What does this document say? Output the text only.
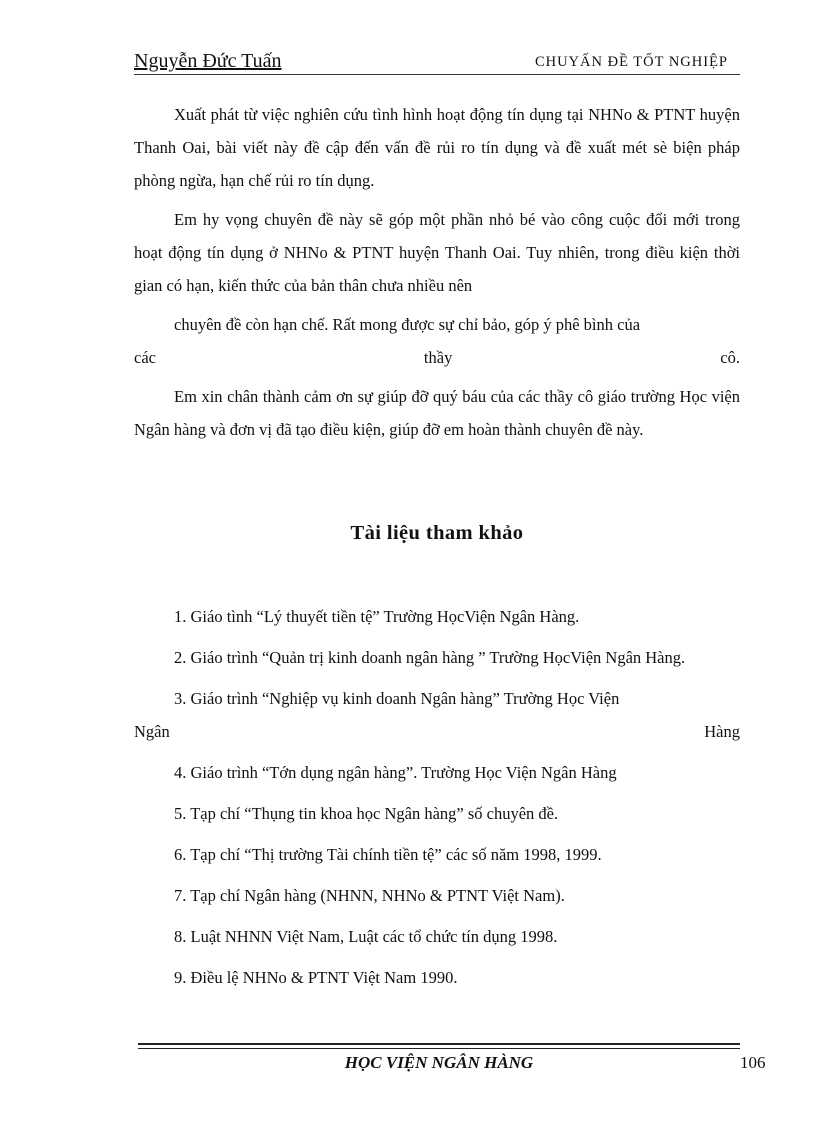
Nguyễn Đức Tuấn	CHUYẤN ĐỀ TỐT NGHIỆP

Xuất phát từ việc nghiên cứu tình hình hoạt động tín dụng tại NHNo & PTNT huyện Thanh Oai, bài viết này đề cập đến vấn đề rủi ro tín dụng và đề xuất mét sè biện pháp phòng ngừa, hạn chế rủi ro tín dụng.

Em hy vọng chuyên đề này sẽ góp một phần nhỏ bé vào công cuộc đổi mới trong hoạt động tín dụng ở NHNo & PTNT huyện Thanh Oai. Tuy nhiên, trong điều kiện thời gian có hạn, kiến thức của bản thân chưa nhiều nên

chuyên đề còn hạn chế. Rất mong được sự chỉ bảo, góp ý phê bình của

các	thầy	cô.

Em xin chân thành cảm ơn sự giúp đỡ quý báu của các thầy cô giáo trường Học viện Ngân hàng và đơn vị đã tạo điều kiện, giúp đỡ em hoàn thành chuyên đề này.

Tài liệu tham khảo

1. Giáo tình “Lý thuyết tiền tệ” Trường HọcViện Ngân Hàng.

2. Giáo trình “Quản trị kinh doanh ngân hàng ” Trường HọcViện Ngân Hàng.

3. Giáo trình “Nghiệp vụ kinh doanh Ngân hàng” Trường Học Viện

Ngân	Hàng

4. Giáo trình “Tớn dụng ngân hàng”. Trường Học Viện Ngân Hàng

5. Tạp chí “Thụng tin khoa học Ngân hàng” số chuyên đề.

6. Tạp chí “Thị trường Tài chính tiền tệ” các số năm 1998, 1999.

7. Tạp chí Ngân hàng (NHNN, NHNo & PTNT Việt Nam).

8. Luật NHNN Việt Nam, Luật các tổ chức tín dụng 1998.

9. Điều lệ NHNo & PTNT Việt Nam 1990.

HỌC VIỆN NGÂN HÀNG	106
